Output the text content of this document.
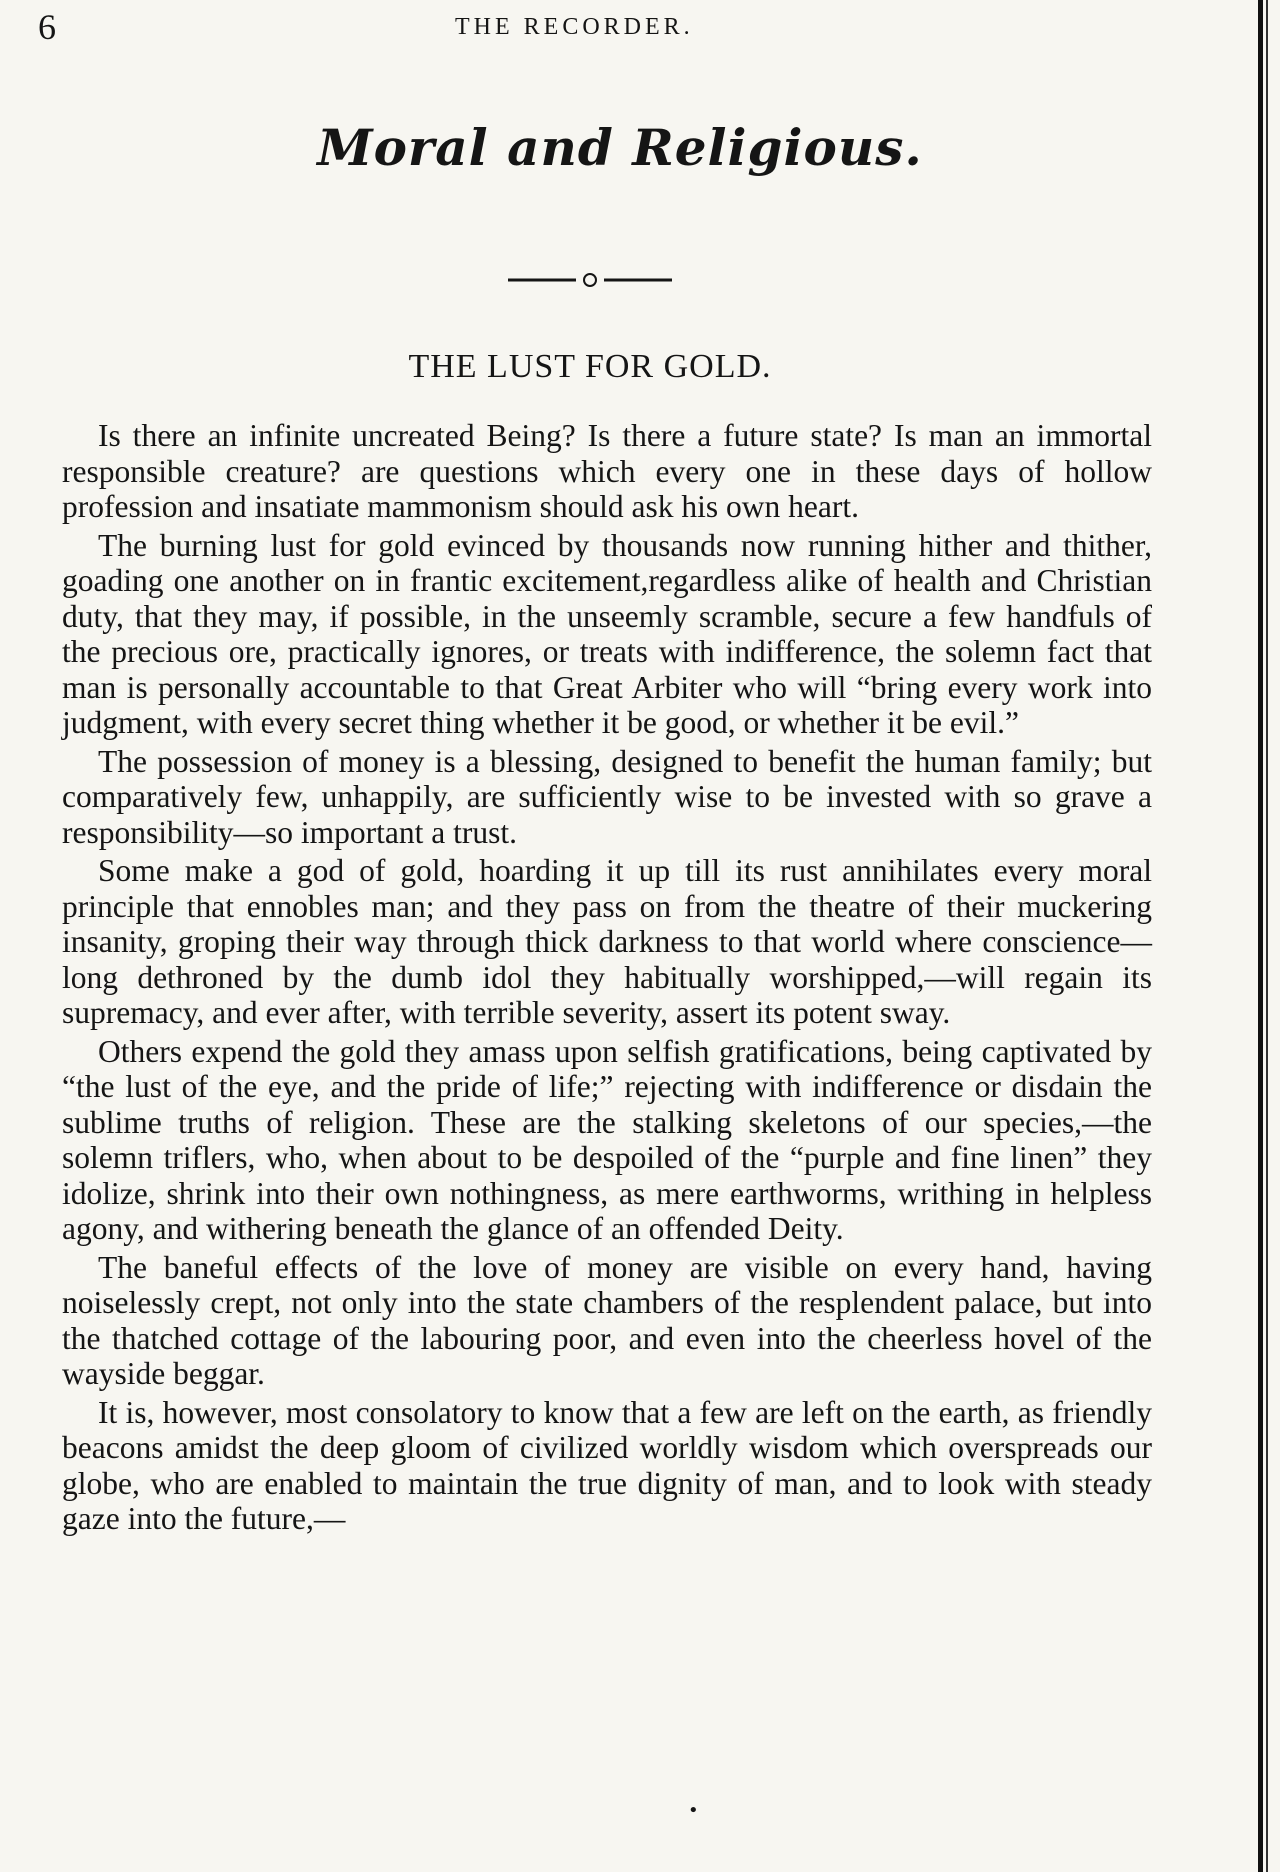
6	THE RECORDER.
Moral and Religious.
THE LUST FOR GOLD.

Is there an infinite uncreated Being? Is there a future state? Is man an immortal responsible creature? are questions which every one in these days of hollow profession and insatiate mammonism should ask his own heart.

The burning lust for gold evinced by thousands now running hither and thither, goading one another on in frantic excitement,regardless alike of health and Christian duty, that they may, if possible, in the unseemly scramble, secure a few handfuls of the precious ore, practically ignores, or treats with indifference, the solemn fact that man is personally accountable to that Great Arbiter who will “bring every work into judgment, with every secret thing whether it be good, or whether it be evil.”

The possession of money is a blessing, designed to benefit the human family; but comparatively few, unhappily, are sufficiently wise to be invested with so grave a responsibility—so important a trust.

Some make a god of gold, hoarding it up till its rust annihilates every moral principle that ennobles man; and they pass on from the theatre of their muckering insanity, groping their way through thick darkness to that world where conscience—long dethroned by the dumb idol they habitually worshipped,—will regain its supremacy, and ever after, with terrible severity, assert its potent sway.

Others expend the gold they amass upon selfish gratifications, being captivated by “the lust of the eye, and the pride of life;” rejecting with indifference or disdain the sublime truths of religion. These are the stalking skeletons of our species,—the solemn triflers, who, when about to be despoiled of the “purple and fine linen” they idolize, shrink into their own nothingness, as mere earthworms, writhing in helpless agony, and withering beneath the glance of an offended Deity.

The baneful effects of the love of money are visible on every hand, having noiselessly crept, not only into the state chambers of the resplendent palace, but into the thatched cottage of the labouring poor, and even into the cheerless hovel of the wayside beggar.

It is, however, most consolatory to know that a few are left on the earth, as friendly beacons amidst the deep gloom of civilized worldly wisdom which overspreads our globe, who are enabled to maintain the true dignity of man, and to look with steady gaze into the future,—

•
